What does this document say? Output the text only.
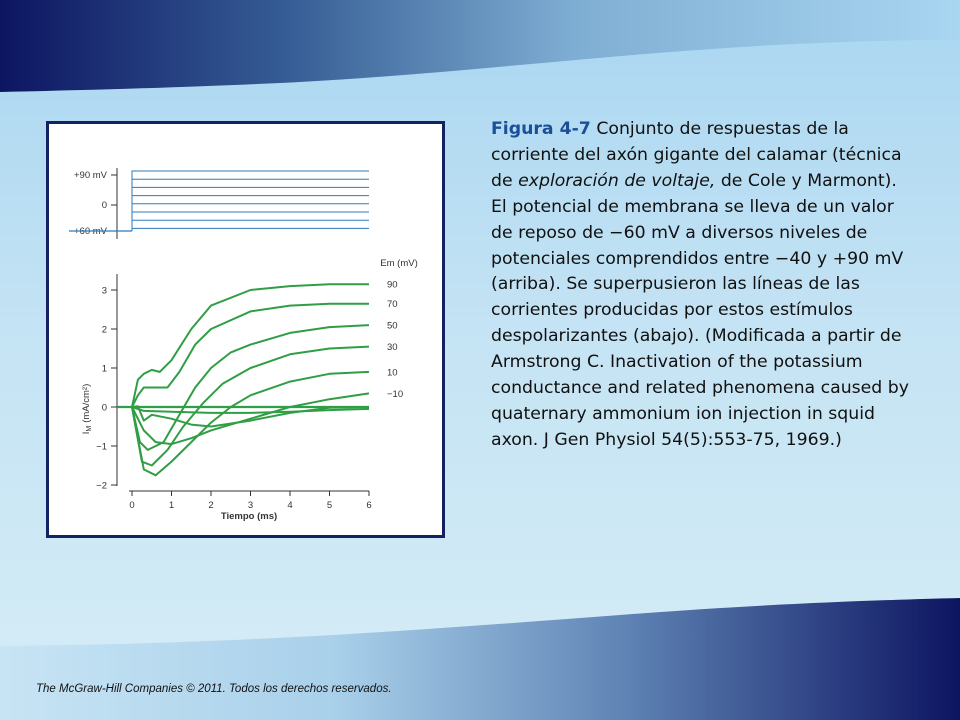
+90 mV
0
+60 mV
3
2
1
0
−1
−2
0	1	2	3	4	5	6
Em (mV)
90
70
50
30
10
−10
Tiempo (ms)
$I_M(mA/cm^2)$

Figura 4-7 Conjunto de respuestas de la corriente del axón gigante del calamar (técnica de exploración de voltaje, de Cole y Marmont). El potencial de membrana se lleva de un valor de reposo de −60 mV a diversos niveles de potenciales comprendidos entre −40 y +90 mV (arriba). Se superpusieron las líneas de las corrientes producidas por estos estímulos despolarizantes (abajo). (Modificada a partir de Armstrong C. Inactivation of the potassium conductance and related phenomena caused by quaternary ammonium ion injection in squid axon. J Gen Physiol 54(5):553-75, 1969.)

The McGraw-Hill Companies © 2011. Todos los derechos reservados.
